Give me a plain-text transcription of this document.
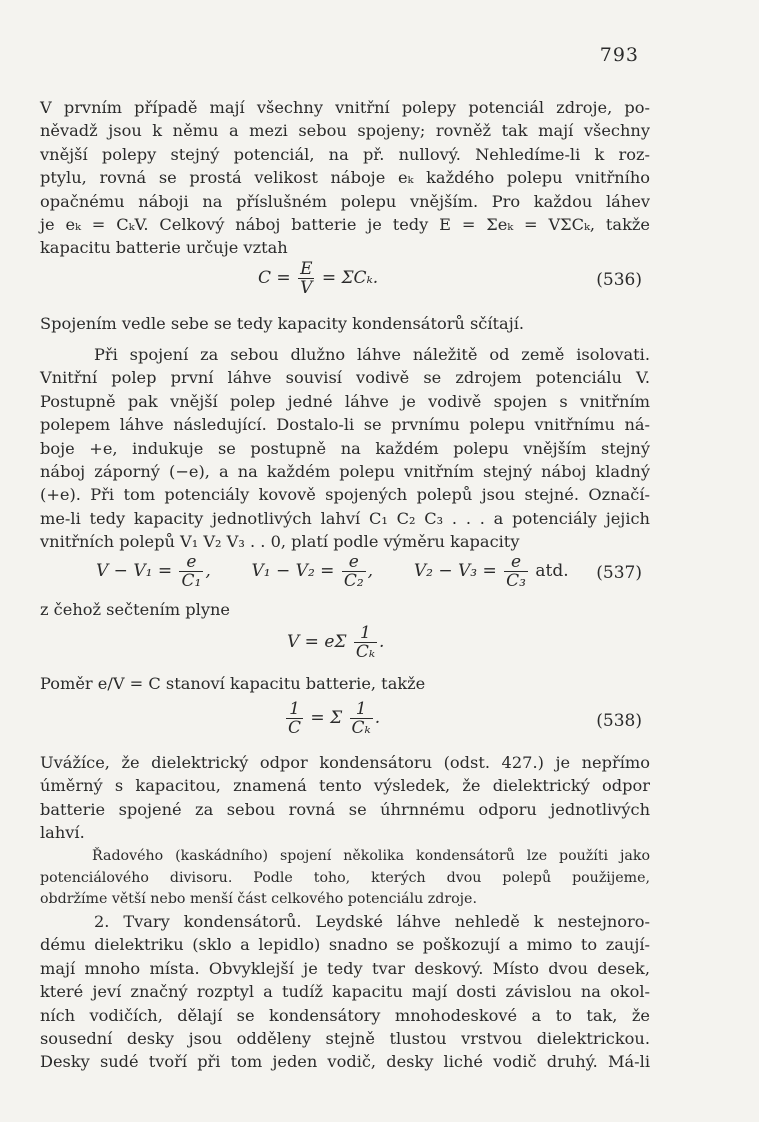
793
V prvním případě mají všechny vnitřní polepy potenciál zdroje, po-
něvadž jsou k němu a mezi sebou spojeny; rovněž tak mají všechny
vnější polepy stejný potenciál, na př. nullový. Nehledíme-li k roz-
ptylu, rovná se prostá velikost náboje eₖ každého polepu vnitřního
opačnému náboji na příslušném polepu vnějším. Pro každou láhev
je eₖ = CₖV. Celkový náboj batterie je tedy E = Σeₖ = VΣCₖ, takže
kapacitu batterie určuje vztah
$C = \frac{E}{V} = \Sigma C_k$.	(536)
Spojením vedle sebe se tedy kapacity kondensátorů sčítají.
Při spojení za sebou dlužno láhve náležitě od země isolovati.
Vnitřní polep první láhve souvisí vodivě se zdrojem potenciálu V.
Postupně pak vnější polep jedné láhve je vodivě spojen s vnitřním
polepem láhve následující. Dostalo-li se prvnímu polepu vnitřnímu ná-
boje +e, indukuje se postupně na každém polepu vnějším stejný
náboj záporný (−e), a na každém polepu vnitřním stejný náboj kladný
(+e). Při tom potenciály kovově spojených polepů jsou stejné. Označí-
me-li tedy kapacity jednotlivých lahví C₁ C₂ C₃ . . . a potenciály jejich
vnitřních polepů V₁ V₂ V₃ . . 0, platí podle výměru kapacity
$V - V_1 = \frac{e}{\text{C₁}}$ ,  $V_1 - V_2 = \frac{e}{\text{C₂}}$ ,  $V_2 - V_3 = \frac{e}{\text{C₃}}$ atd. (537)
z čehož sečtením plyne
V = eΣ $\frac{1}{\text{Cₖ}}$ .
Poměr e/V = C stanoví kapacitu batterie, takže
$\frac{1}{C} = \Sigma \frac{1}{\text{Cₖ}}$ .	(538)
Uvážíce, že dielektrický odpor kondensátoru (odst. 427.) je nepřímo
úměrný s kapacitou, znamená tento výsledek, že dielektrický odpor
batterie spojené za sebou rovná se úhrnnému odporu jednotlivých
lahví.
Řadového (kaskádního) spojení několika kondensátorů lze použíti jako
potenciálového divisoru. Podle toho, kterých dvou polepů použijeme,
obdržíme větší nebo menší část celkového potenciálu zdroje.
2. Tvary kondensátorů. Leydské láhve nehledě k nestejnoro-
dému dielektriku (sklo a lepidlo) snadno se poškozují a mimo to zaují-
mají mnoho místa. Obvyklejší je tedy tvar deskový. Místo dvou desek,
které jeví značný rozptyl a tudíž kapacitu mají dosti závislou na okol-
ních vodičích, dělají se kondensátory mnohodeskové a to tak, že
sousední desky jsou odděleny stejně tlustou vrstvou dielektrickou.
Desky sudé tvoří při tom jeden vodič, desky liché vodič druhý. Má-li
